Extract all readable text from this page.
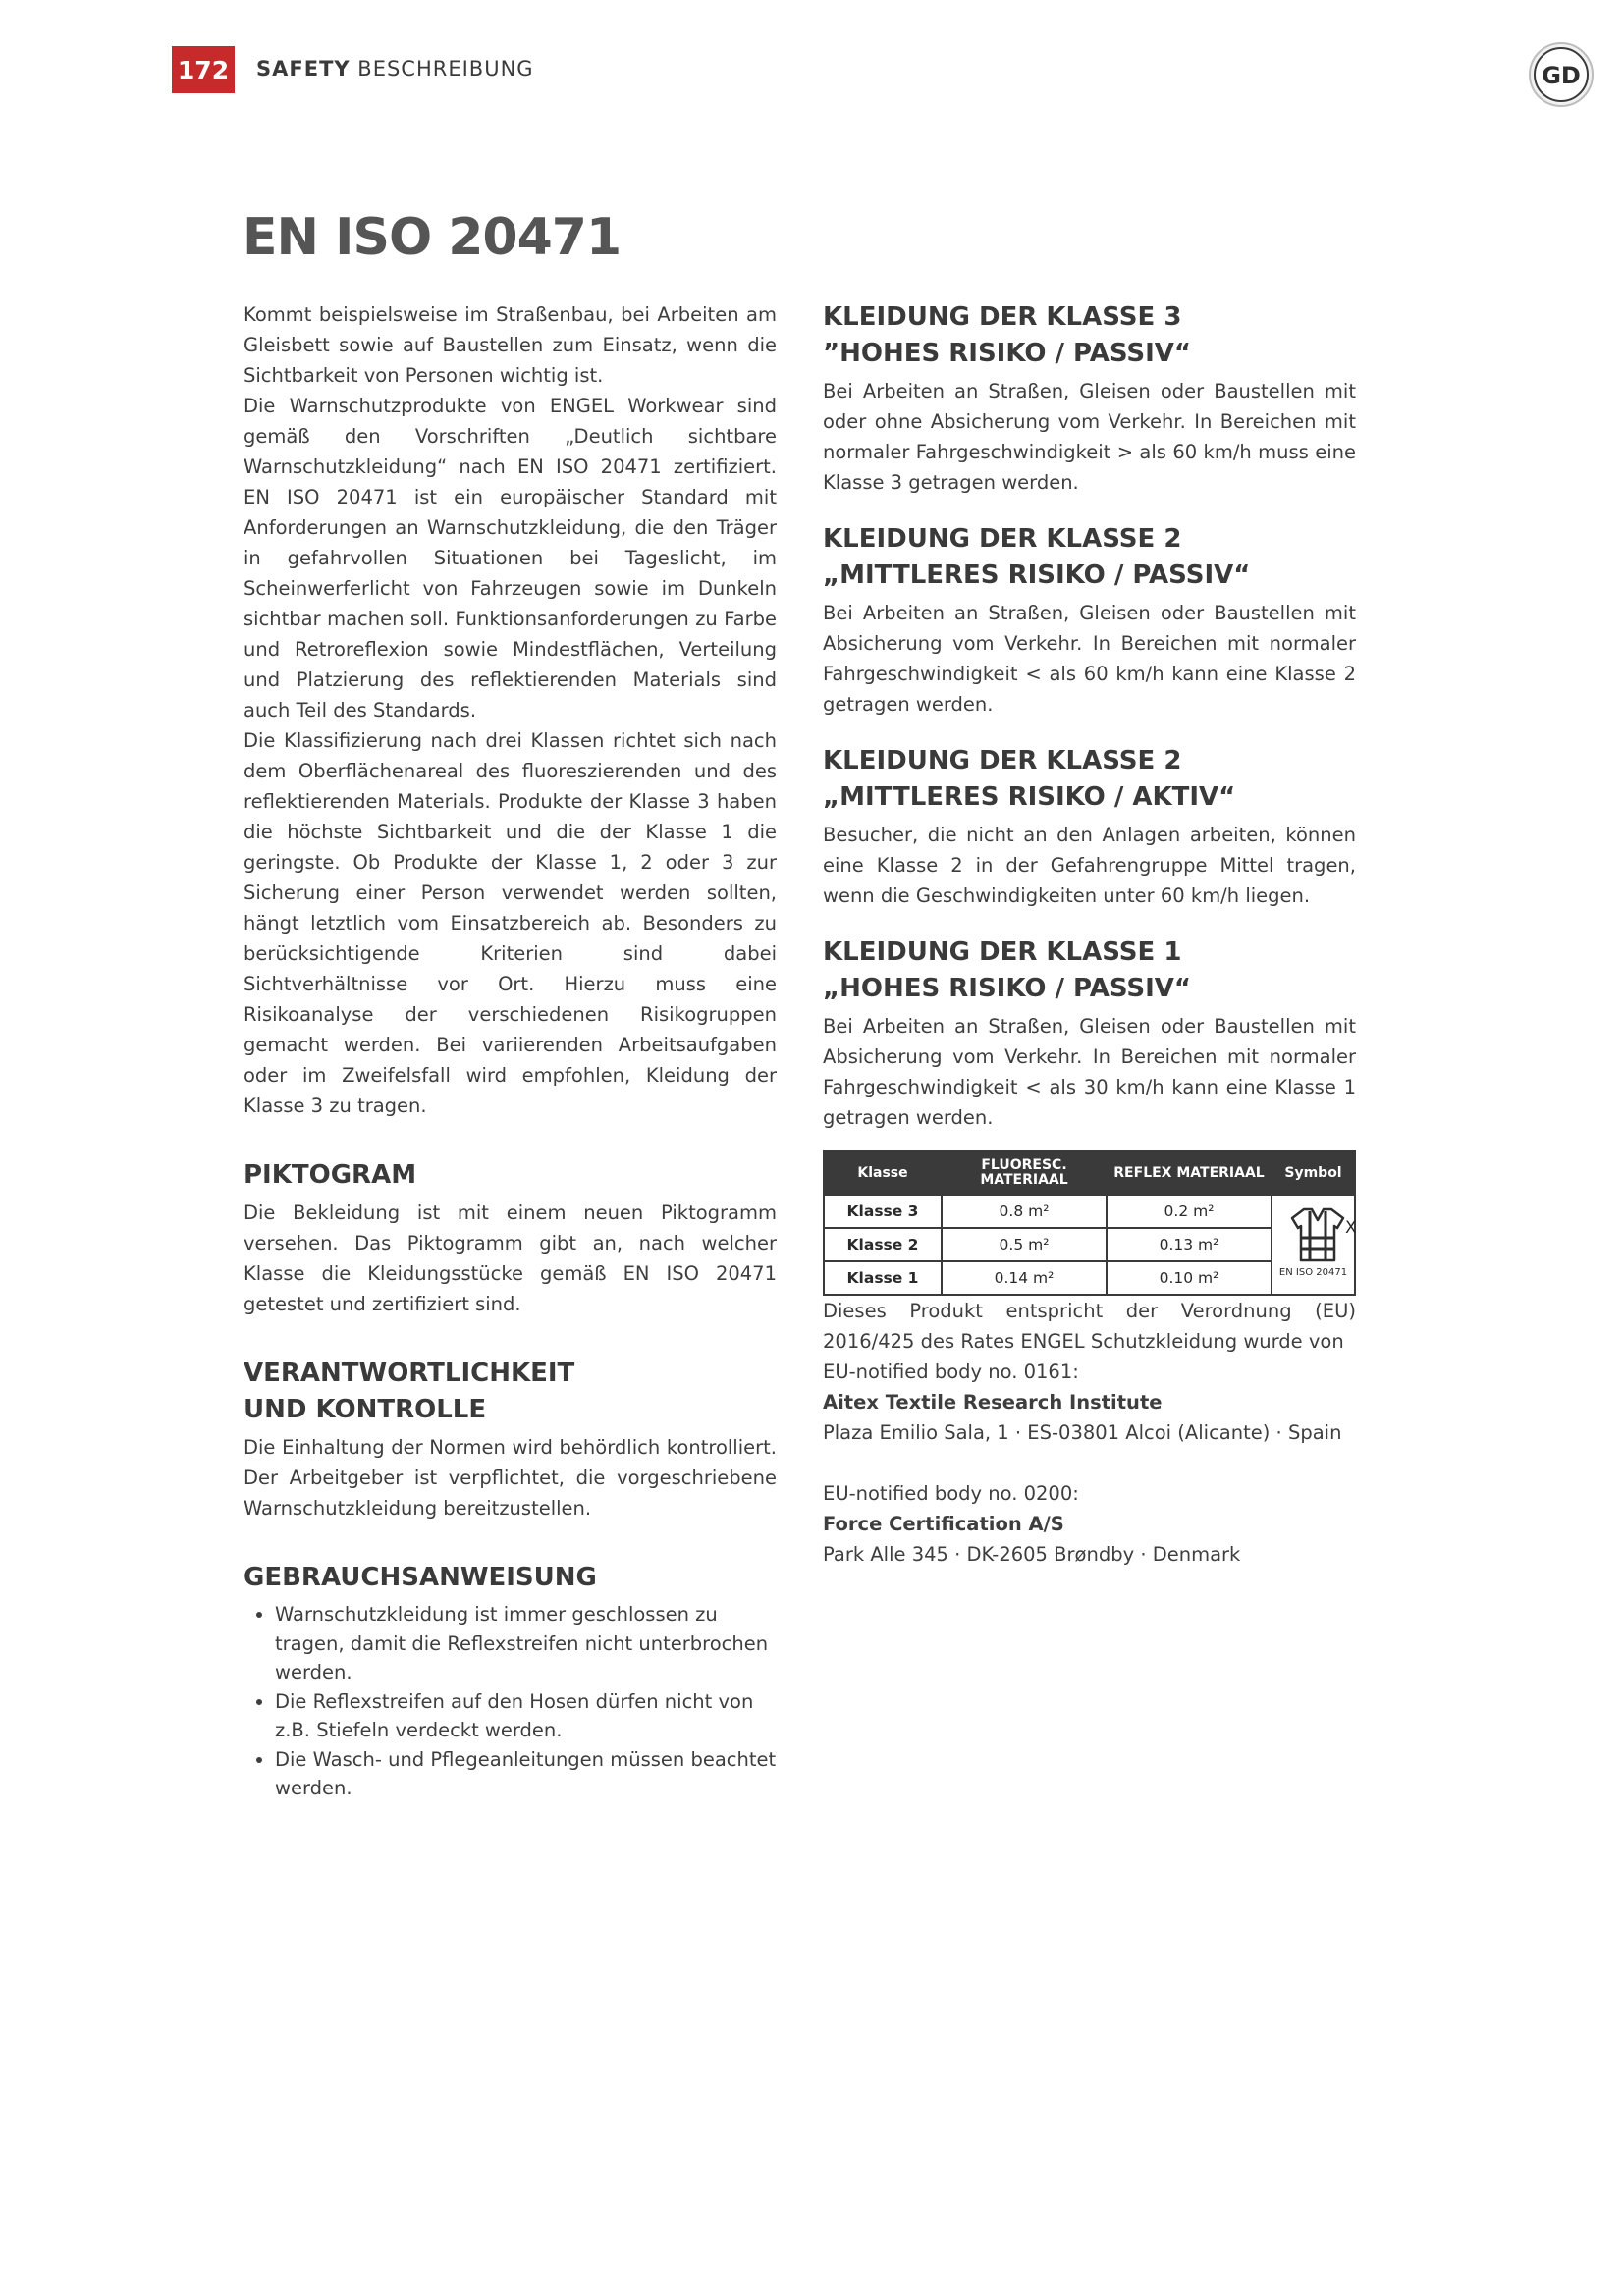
172 SAFETY BESCHREIBUNG	GD
EN ISO 20471

Kommt beispielsweise im Straßenbau, bei Arbeiten am Gleisbett sowie auf Baustellen zum Einsatz, wenn die Sichtbarkeit von Personen wichtig ist.

Die Warnschutzprodukte von ENGEL Workwear sind gemäß den Vorschriften „Deutlich sichtbare Warnschutzkleidung“ nach EN ISO 20471 zertifiziert. EN ISO 20471 ist ein europäischer Standard mit Anforderungen an Warnschutzkleidung, die den Träger in gefahrvollen Situationen bei Tageslicht, im Scheinwerferlicht von Fahrzeugen sowie im Dunkeln sichtbar machen soll. Funktionsanforderungen zu Farbe und Retroreflexion sowie Mindestflächen, Verteilung und Platzierung des reflektierenden Materials sind auch Teil des Standards.

Die Klassifizierung nach drei Klassen richtet sich nach dem Oberflächenareal des fluoreszierenden und des reflektierenden Materials. Produkte der Klasse 3 haben die höchste Sichtbarkeit und die der Klasse 1 die geringste. Ob Produkte der Klasse 1, 2 oder 3 zur Sicherung einer Person verwendet werden sollten, hängt letztlich vom Einsatzbereich ab. Besonders zu berücksichtigende Kriterien sind dabei Sichtverhältnisse vor Ort. Hierzu muss eine Risikoanalyse der verschiedenen Risikogruppen gemacht werden. Bei variierenden Arbeitsaufgaben oder im Zweifelsfall wird empfohlen, Kleidung der Klasse 3 zu tragen.

PIKTOGRAM

Die Bekleidung ist mit einem neuen Piktogramm versehen. Das Piktogramm gibt an, nach welcher Klasse die Kleidungsstücke gemäß EN ISO 20471 getestet und zertifiziert sind.

VERANTWORTLICHKEIT
UND KONTROLLE

Die Einhaltung der Normen wird behördlich kontrolliert. Der Arbeitgeber ist verpflichtet, die vorgeschriebene Warnschutzkleidung bereitzustellen.

GEBRAUCHSANWEISUNG
• Warnschutzkleidung ist immer geschlossen zu tragen, damit die Reflexstreifen nicht unterbrochen werden.
• Die Reflexstreifen auf den Hosen dürfen nicht von z.B. Stiefeln verdeckt werden.
• Die Wasch- und Pflegeanleitungen müssen beachtet werden.
KLEIDUNG DER KLASSE 3
”HOHES RISIKO / PASSIV“

Bei Arbeiten an Straßen, Gleisen oder Baustellen mit oder ohne Absicherung vom Verkehr. In Bereichen mit normaler Fahrgeschwindigkeit > als 60 km/h muss eine Klasse 3 getragen werden.

KLEIDUNG DER KLASSE 2
„MITTLERES RISIKO / PASSIV“

Bei Arbeiten an Straßen, Gleisen oder Baustellen mit Absicherung vom Verkehr. In Bereichen mit normaler Fahrgeschwindigkeit < als 60 km/h kann eine Klasse 2 getragen werden.

KLEIDUNG DER KLASSE 2
„MITTLERES RISIKO / AKTIV“

Besucher, die nicht an den Anlagen arbeiten, können eine Klasse 2 in der Gefahrengruppe Mittel tragen, wenn die Geschwindigkeiten unter 60 km/h liegen.

KLEIDUNG DER KLASSE 1
„HOHES RISIKO / PASSIV“

Bei Arbeiten an Straßen, Gleisen oder Baustellen mit Absicherung vom Verkehr. In Bereichen mit normaler Fahrgeschwindigkeit < als 30 km/h kann eine Klasse 1 getragen werden.

Klasse	FLUORESC. MATERIAAL	REFLEX MATERIAAL	Symbol
Klasse 3	0.8 m²	0.2 m²	X
EN ISO 20471

Klasse 2	0.5 m²	0.13 m²	
Klasse 1	0.14 m²	0.10 m²	

Dieses Produkt entspricht der Verordnung (EU) 2016/425 des Rates ENGEL Schutzkleidung wurde von

EU-notified body no. 0161:

Aitex Textile Research Institute

Plaza Emilio Sala, 1 · ES-03801 Alcoi (Alicante) · Spain

EU-notified body no. 0200:

Force Certification A/S

Park Alle 345 · DK-2605 Brøndby · Denmark
